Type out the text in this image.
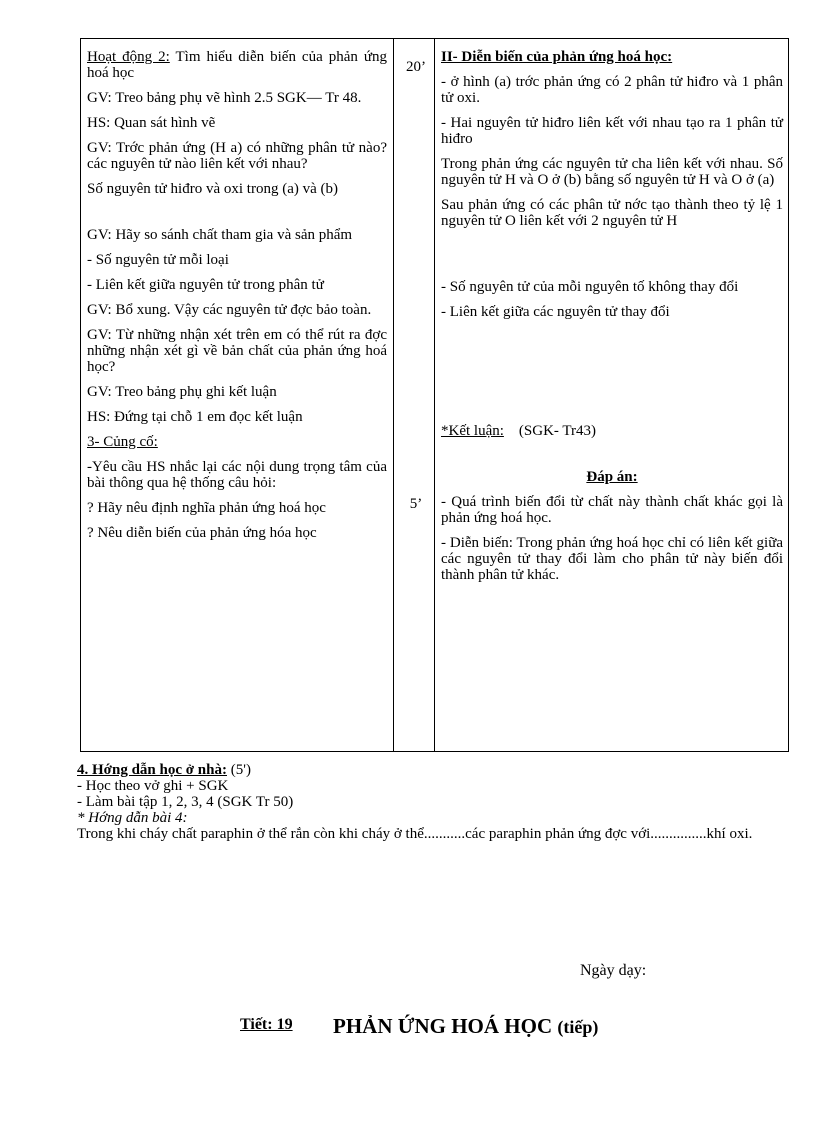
Hoạt động 2: Tìm hiểu diễn biến của phản ứng hoá học

GV: Treo bảng phụ vẽ hình 2.5 SGK— Tr 48.

HS: Quan sát hình vẽ

GV: Trớc phản ứng (H a) có những phân tử nào? các nguyên tử nào liên kết với nhau?

Số nguyên tử hiđro và oxi trong (a) và (b)

GV: Hãy so sánh chất tham gia và sản phẩm

- Số nguyên tử mỗi loại

- Liên kết giữa nguyên tử trong phân tử

GV: Bổ xung. Vậy các nguyên tử đợc bảo toàn.

GV: Từ những nhận xét trên em có thể rút ra đợc những nhận xét gì về bản chất của phản ứng hoá học?

GV: Treo bảng phụ ghi kết luận

HS: Đứng tại chỗ 1 em đọc kết luận

3- Củng cố:

-Yêu cầu HS nhắc lại các nội dung trọng tâm của bài thông qua hệ thống câu hỏi:

? Hãy nêu định nghĩa phản ứng hoá học

? Nêu diễn biến của phản ứng hóa học

20’
5’

II- Diễn biến của phản ứng hoá học:

- ở hình (a) trớc phản ứng có 2 phân tử hiđro và 1 phân tử oxi.

- Hai nguyên tử hiđro liên kết với nhau tạo ra 1 phân tử hiđro

Trong phản ứng các nguyên tử cha liên kết với nhau. Số nguyên tử H và O ở (b) bằng số nguyên tử H và O ở (a)

Sau phản ứng có các phân tử nớc tạo thành theo tỷ lệ 1 nguyên tử O liên kết với 2 nguyên tử H

- Số nguyên tử của mỗi nguyên tố không thay đổi

- Liên kết giữa các nguyên tử thay đổi

*Kết luận: (SGK- Tr43)

Đáp án:

- Quá trình biến đổi từ chất này thành chất khác gọi là phản ứng hoá học.

- Diễn biến: Trong phản ứng hoá học chỉ có liên kết giữa các nguyên tử thay đổi làm cho phân tử này biến đổi thành phân tử khác.

4. Hớng dẫn học ở nhà: (5')

- Học theo vở ghi + SGK

- Làm bài tập 1, 2, 3, 4 (SGK Tr 50)

* Hớng dẫn bài 4:

Trong khi cháy chất paraphin ở thể rắn còn khi cháy ở thể...........các paraphin phản ứng đợc với...............khí oxi.

Ngày dạy:
Tiết: 19 PHẢN ỨNG HOÁ HỌC (tiếp)
